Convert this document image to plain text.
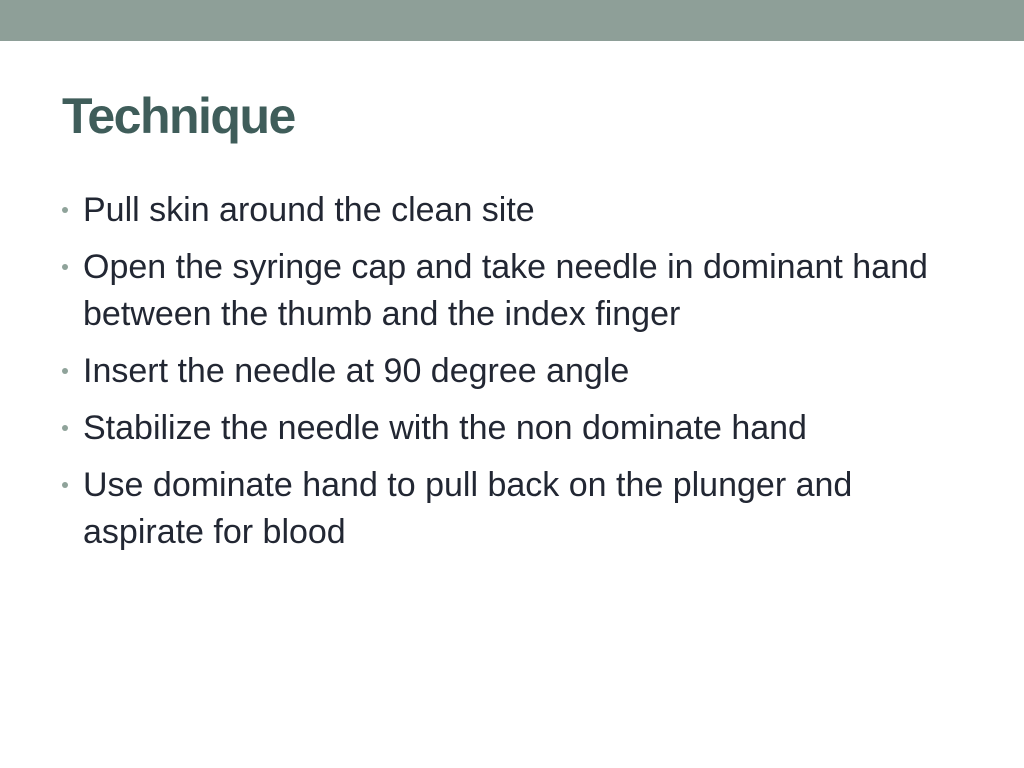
Technique
Pull skin around the clean site
Open the syringe cap and take needle in dominant hand between the thumb and the index finger
Insert the needle at 90 degree angle
Stabilize the needle with the non dominate hand
Use dominate hand to pull back on the plunger and aspirate for blood
